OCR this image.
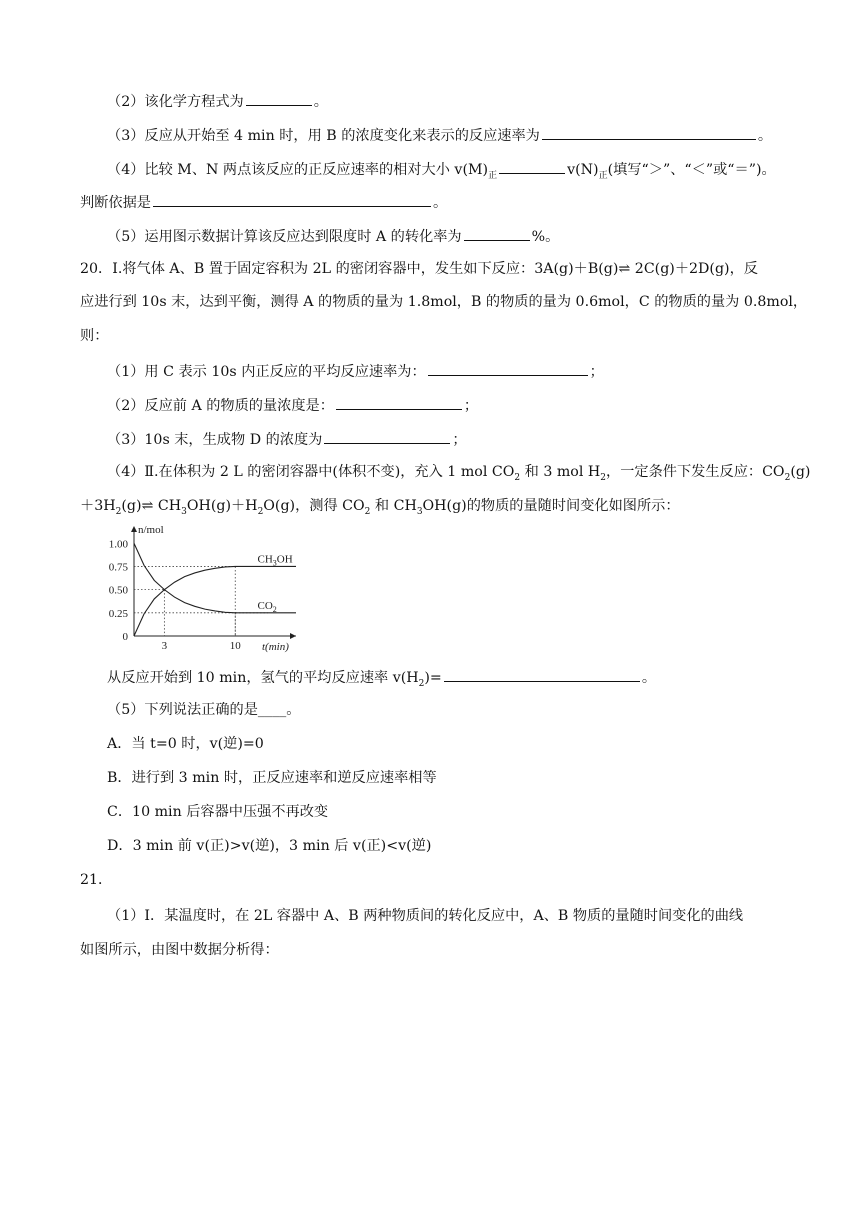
（2）该化学方程式为	。
（3）反应从开始至 4 min 时，用 B 的浓度变化来表示的反应速率为	。
（4）比较 M、N 两点该反应的正反应速率的相对大小 $v(M)_正$	$v(N)_正$(填写“＞”、“＜”或“＝”)。
判断依据是	。
（5）运用图示数据计算该反应达到限度时 A 的转化率为	%。
20．Ⅰ.将气体 A、B 置于固定容积为 2L 的密闭容器中，发生如下反应：3A(g)＋B(g)⇌ 2C(g)＋2D(g)，反
应进行到 10s 末，达到平衡，测得 A 的物质的量为 1.8mol，B 的物质的量为 0.6mol，C 的物质的量为 0.8mol，
则：
（1）用 C 表示 10s 内正反应的平均反应速率为：	；
（2）反应前 A 的物质的量浓度是：	；
（3）10s 末，生成物 D 的浓度为	；
（4）Ⅱ.在体积为 2 L 的密闭容器中(体积不变)，充入 1 mol $CO_2$ 和 3 mol $H_2$，一定条件下发生反应：$CO_2(g)$
$+3H_2(g)\rightleftharpoons$ $CH_3OH(g)+H_2O(g)$，测得 $CO_2$ 和 $CH_3OH(g)$的物质的量随时间变化如图所示：
n/mol
t(min)
1.00
0.75
0.50
0.25
0
3	10
$CH_3OH$
$CO_2$
从反应开始到 10 min，氢气的平均反应速率 $v(H_2)=$	。
（5）下列说法正确的是____。
A．当 t=0 时，v(逆)=0
B．进行到 3 min 时，正反应速率和逆反应速率相等
C．10 min 后容器中压强不再改变
D．3 min 前 v(正)>v(逆)，3 min 后 v(正)<v(逆)
21．
（1）Ⅰ．某温度时，在 2L 容器中 A、B 两种物质间的转化反应中，A、B 物质的量随时间变化的曲线
如图所示，由图中数据分析得：
